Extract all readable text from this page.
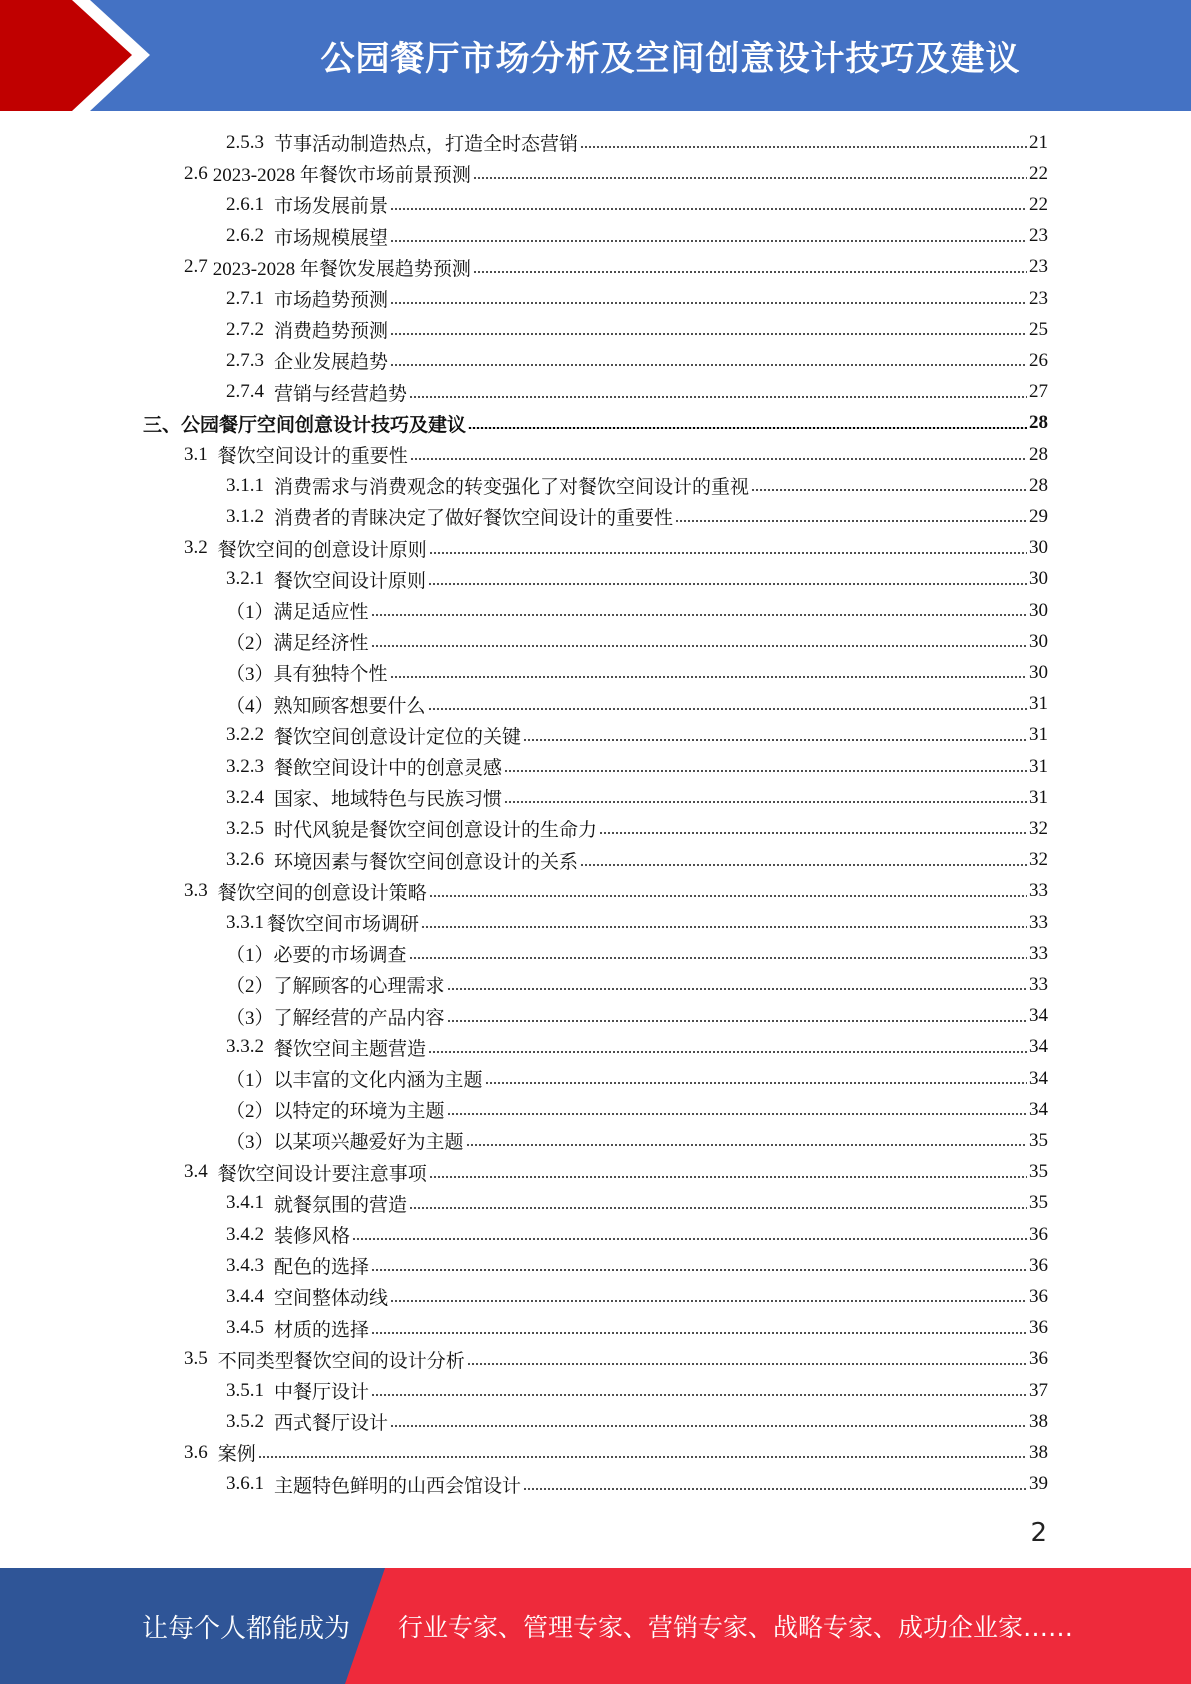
公园餐厅市场分析及空间创意设计技巧及建议
2.5.3 节事活动制造热点，打造全时态营销	21
2.6 2023-2028 年餐饮市场前景预测	22
2.6.1 市场发展前景	22
2.6.2 市场规模展望	23
2.7 2023-2028 年餐饮发展趋势预测	23
2.7.1 市场趋势预测	23
2.7.2 消费趋势预测	25
2.7.3 企业发展趋势	26
2.7.4 营销与经营趋势	27
三、公园餐厅空间创意设计技巧及建议	28
3.1 餐饮空间设计的重要性	28
3.1.1 消费需求与消费观念的转变强化了对餐饮空间设计的重视	28
3.1.2 消费者的青睐决定了做好餐饮空间设计的重要性	29
3.2 餐饮空间的创意设计原则	30
3.2.1 餐饮空间设计原则	30
（1）满足适应性	30
（2）满足经济性	30
（3）具有独特个性	30
（4）熟知顾客想要什么	31
3.2.2 餐饮空间创意设计定位的关键	31
3.2.3 餐飲空间设计中的创意灵感	31
3.2.4 国家、地域特色与民族习惯	31
3.2.5 时代风貌是餐饮空间创意设计的生命力	32
3.2.6 环境因素与餐饮空间创意设计的关系	32
3.3 餐饮空间的创意设计策略	33
3.3.1 餐饮空间市场调研	33
（1）必要的市场调查	33
（2）了解顾客的心理需求	33
（3）了解经营的产品内容	34
3.3.2 餐饮空间主题营造	34
（1）以丰富的文化内涵为主题	34
（2）以特定的环境为主题	34
（3）以某项兴趣爱好为主题	35
3.4 餐饮空间设计要注意事项	35
3.4.1 就餐氛围的营造	35
3.4.2 装修风格	36
3.4.3 配色的选择	36
3.4.4 空间整体动线	36
3.4.5 材质的选择	36
3.5 不同类型餐饮空间的设计分析	36
3.5.1 中餐厅设计	37
3.5.2 西式餐厅设计	38
3.6 案例	38
3.6.1 主题特色鲜明的山西会馆设计	39
2
让每个人都能成为 行业专家、管理专家、营销专家、战略专家、成功企业家……
